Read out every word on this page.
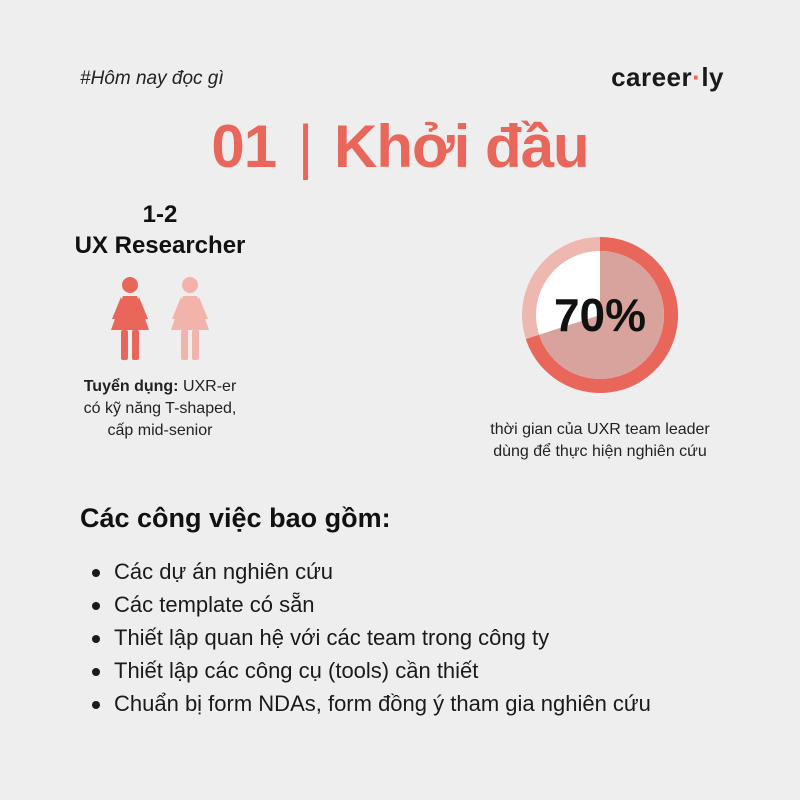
#Hôm nay đọc gì	career·ly
01 | Khởi đầu
1-2
UX Researcher
Tuyển dụng: UXR-er
có kỹ năng T-shaped,
cấp mid-senior
70%
thời gian của UXR team leader
dùng để thực hiện nghiên cứu
Các công việc bao gồm:
Các dự án nghiên cứu
Các template có sẵn
Thiết lập quan hệ với các team trong công ty
Thiết lập các công cụ (tools) cần thiết
Chuẩn bị form NDAs, form đồng ý tham gia nghiên cứu
